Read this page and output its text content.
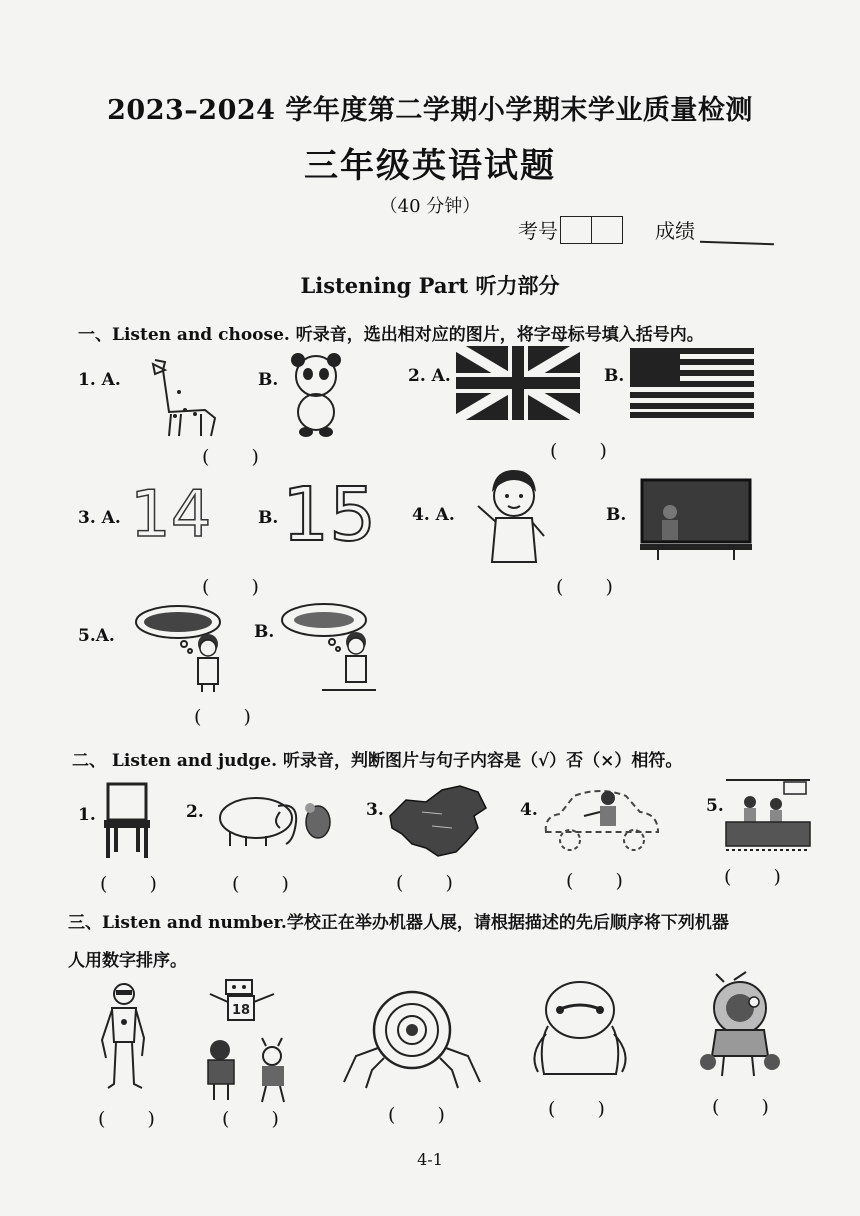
2023–2024 学年度第二学期小学期末学业质量检测
三年级英语试题
（40 分钟）
考号	成绩
Listening Part 听力部分
一、Listen and choose. 听录音，选出相对应的图片，将字母标号填入括号内。
1. A.	B.
( )
2. A.	B.
( )
3. A. 14	B. 15
( )
4. A.	B.
( )
5.A.	B.
( )
二、 Listen and judge. 听录音，判断图片与句子内容是（√）否（×）相符。
1.
( )
2.
( )
3.
( )
4.
( )
5.
( )
三、Listen and number.学校正在举办机器人展，请根据描述的先后顺序将下列机器
人用数字排序。
( )
18
( )	( )	( )	( )
4-1
